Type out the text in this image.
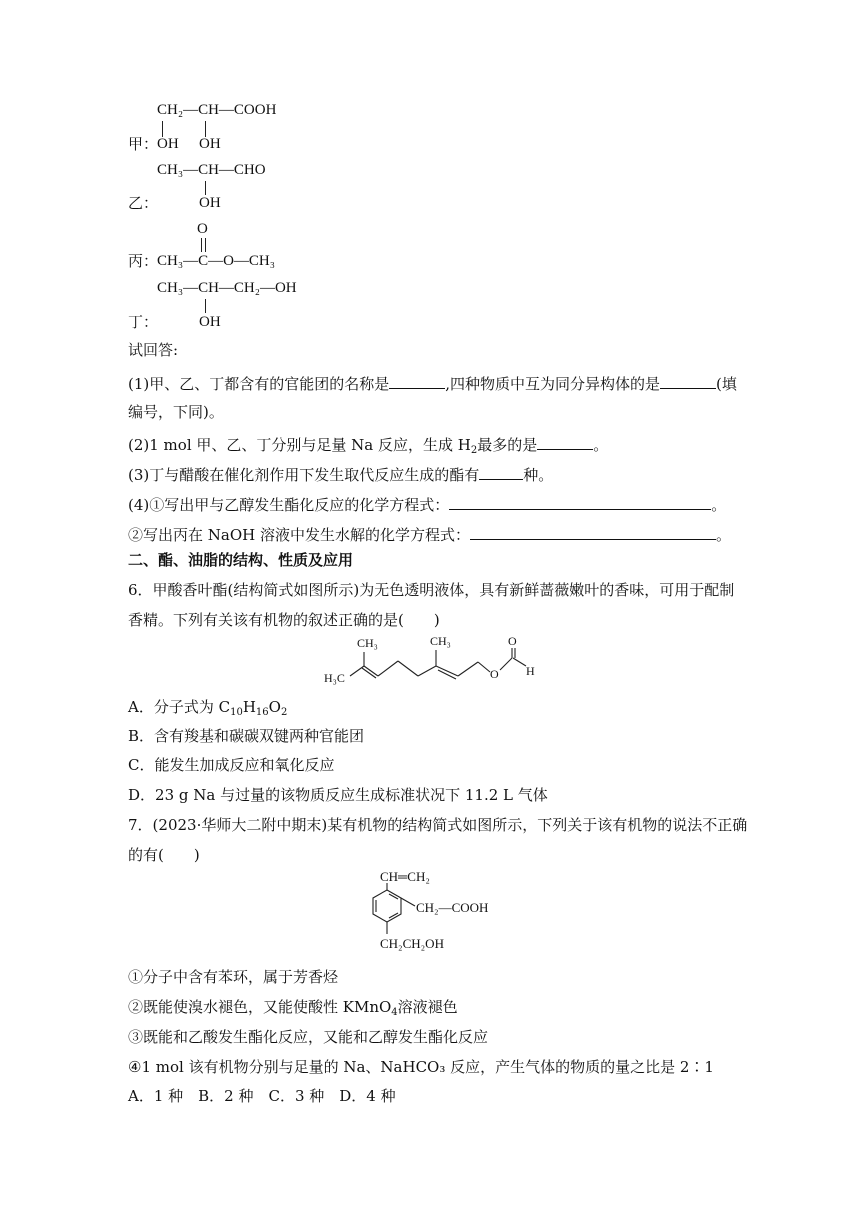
CH₂—CH—COOH
甲：
OH OH
CH₃—CH—CHO
乙：	OH
O
丙：
CH₃—C—O—CH₃
CH₃—CH—CH₂—OH
丁：	OH
试回答:
(1)甲、乙、丁都含有的官能团的名称是	,四种物质中互为同分异构体的是	(填
编号，下同)。
(2)1 mol 甲、乙、丁分别与足量 Na 反应，生成 $H_2$最多的是	。
(3)丁与醋酸在催化剂作用下发生取代反应生成的酯有	种。
(4)①写出甲与乙醇发生酯化反应的化学方程式：	。
②写出丙在 NaOH 溶液中发生水解的化学方程式：	。
二、酯、油脂的结构、性质及应用
6．甲酸香叶酯(结构简式如图所示)为无色透明液体，具有新鲜蔷薇嫩叶的香味，可用于配制
香精。下列有关该有机物的叙述正确的是(　　)
CH₃	CH₃
H₃C	O
O
H
A．分子式为 $C_{10}H_{16}O_2$
B．含有羧基和碳碳双键两种官能团
C．能发生加成反应和氧化反应
D．23 g Na 与过量的该物质反应生成标准状况下 11.2 L 气体
7．(2023·华师大二附中期末)某有机物的结构简式如图所示，下列关于该有机物的说法不正确
的有(　　)
CH═CH₂
CH₂—COOH
CH₂CH₂OH
①分子中含有苯环，属于芳香烃
②既能使溴水褪色，又能使酸性 KMnO$_4$溶液褪色
③既能和乙酸发生酯化反应，又能和乙醇发生酯化反应
④1 mol 该有机物分别与足量的 Na、NaHCO₃ 反应，产生气体的物质的量之比是 2∶1
A．1 种　B．2 种　C．3 种　D．4 种
